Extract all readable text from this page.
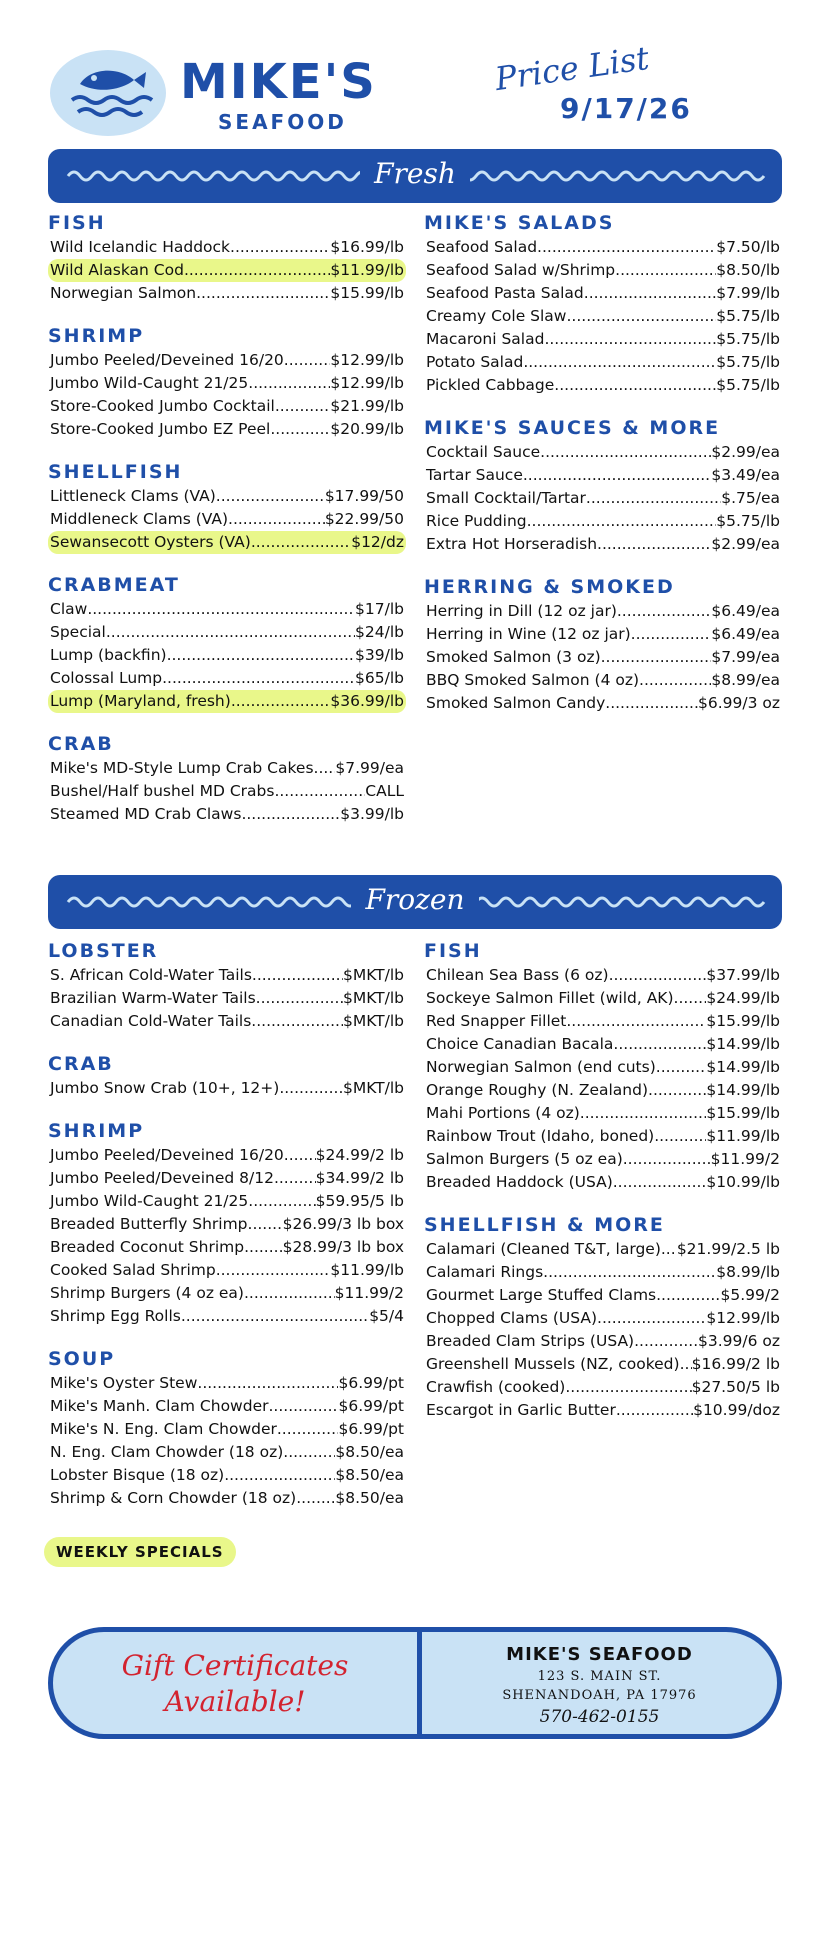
MIKE'S
SEAFOOD
Price List
9/17/26
Fresh
FISH
Wild Icelandic Haddock .....	$16.99/lb
Wild Alaskan Cod .....	$11.99/lb
Norwegian Salmon .....	$15.99/lb
SHRIMP
Jumbo Peeled/Deveined 16/20 .....	$12.99/lb
Jumbo Wild-Caught 21/25 .....	$12.99/lb
Store-Cooked Jumbo Cocktail .....	$21.99/lb
Store-Cooked Jumbo EZ Peel .....	$20.99/lb
SHELLFISH
Littleneck Clams (VA) .....	$17.99/50
Middleneck Clams (VA) .....	$22.99/50
Sewansecott Oysters (VA) .....	$12/dz
CRABMEAT
Claw .....	$17/lb
Special .....	$24/lb
Lump (backfin) .....	$39/lb
Colossal Lump .....	$65/lb
Lump (Maryland, fresh) .....	$36.99/lb
CRAB
Mike's MD-Style Lump Crab Cakes ..... $7.99/ea
Bushel/Half bushel MD Crabs .....	CALL
Steamed MD Crab Claws .....	$3.99/lb
MIKE'S SALADS
Seafood Salad .....	$7.50/lb
Seafood Salad w/Shrimp .....	$8.50/lb
Seafood Pasta Salad .....	$7.99/lb
Creamy Cole Slaw .....	$5.75/lb
Macaroni Salad .....	$5.75/lb
Potato Salad .....	$5.75/lb
Pickled Cabbage .....	$5.75/lb
MIKE'S SAUCES & MORE
Cocktail Sauce .....	$2.99/ea
Tartar Sauce .....	$3.49/ea
Small Cocktail/Tartar .....	$.75/ea
Rice Pudding .....	$5.75/lb
Extra Hot Horseradish .....	$2.99/ea
HERRING & SMOKED
Herring in Dill (12 oz jar) .....	$6.49/ea
Herring in Wine (12 oz jar) .....	$6.49/ea
Smoked Salmon (3 oz) .....	$7.99/ea
BBQ Smoked Salmon (4 oz) .....	$8.99/ea
Smoked Salmon Candy .....	$6.99/3 oz
Frozen
LOBSTER
S. African Cold-Water Tails .....	$MKT/lb
Brazilian Warm-Water Tails .....	$MKT/lb
Canadian Cold-Water Tails .....	$MKT/lb
CRAB
Jumbo Snow Crab (10+, 12+) .....	$MKT/lb
SHRIMP
Jumbo Peeled/Deveined 16/20 ..... $24.99/2 lb
Jumbo Peeled/Deveined 8/12 .....	$34.99/2 lb
Jumbo Wild-Caught 21/25 .....	$59.95/5 lb
Breaded Butterfly Shrimp ..... $26.99/3 lb box
Breaded Coconut Shrimp ..... $28.99/3 lb box
Cooked Salad Shrimp .....	$11.99/lb
Shrimp Burgers (4 oz ea) .....	$11.99/2
Shrimp Egg Rolls .....	$5/4
SOUP
Mike's Oyster Stew .....	$6.99/pt
Mike's Manh. Clam Chowder .....	$6.99/pt
Mike's N. Eng. Clam Chowder .....	$6.99/pt
N. Eng. Clam Chowder (18 oz) .....	$8.50/ea
Lobster Bisque (18 oz) .....	$8.50/ea
Shrimp & Corn Chowder (18 oz) .....	$8.50/ea
FISH
Chilean Sea Bass (6 oz) .....	$37.99/lb
Sockeye Salmon Fillet (wild, AK) ..... $24.99/lb
Red Snapper Fillet .....	$15.99/lb
Choice Canadian Bacala .....	$14.99/lb
Norwegian Salmon (end cuts) .....	$14.99/lb
Orange Roughy (N. Zealand) .....	$14.99/lb
Mahi Portions (4 oz) .....	$15.99/lb
Rainbow Trout (Idaho, boned) .....	$11.99/lb
Salmon Burgers (5 oz ea) .....	$11.99/2
Breaded Haddock (USA) .....	$10.99/lb
SHELLFISH & MORE
Calamari (Cleaned T&T, large) ..... $21.99/2.5 lb
Calamari Rings .....	$8.99/lb
Gourmet Large Stuffed Clams .....	$5.99/2
Chopped Clams (USA) .....	$12.99/lb
Breaded Clam Strips (USA) .....	$3.99/6 oz
Greenshell Mussels (NZ, cooked) ..... $16.99/2 lb
Crawfish (cooked) .....	$27.50/5 lb
Escargot in Garlic Butter .....	$10.99/doz
WEEKLY SPECIALS
Gift Certificates
Available!
MIKE'S SEAFOOD
123 S. MAIN ST.
SHENANDOAH, PA 17976
570-462-0155
